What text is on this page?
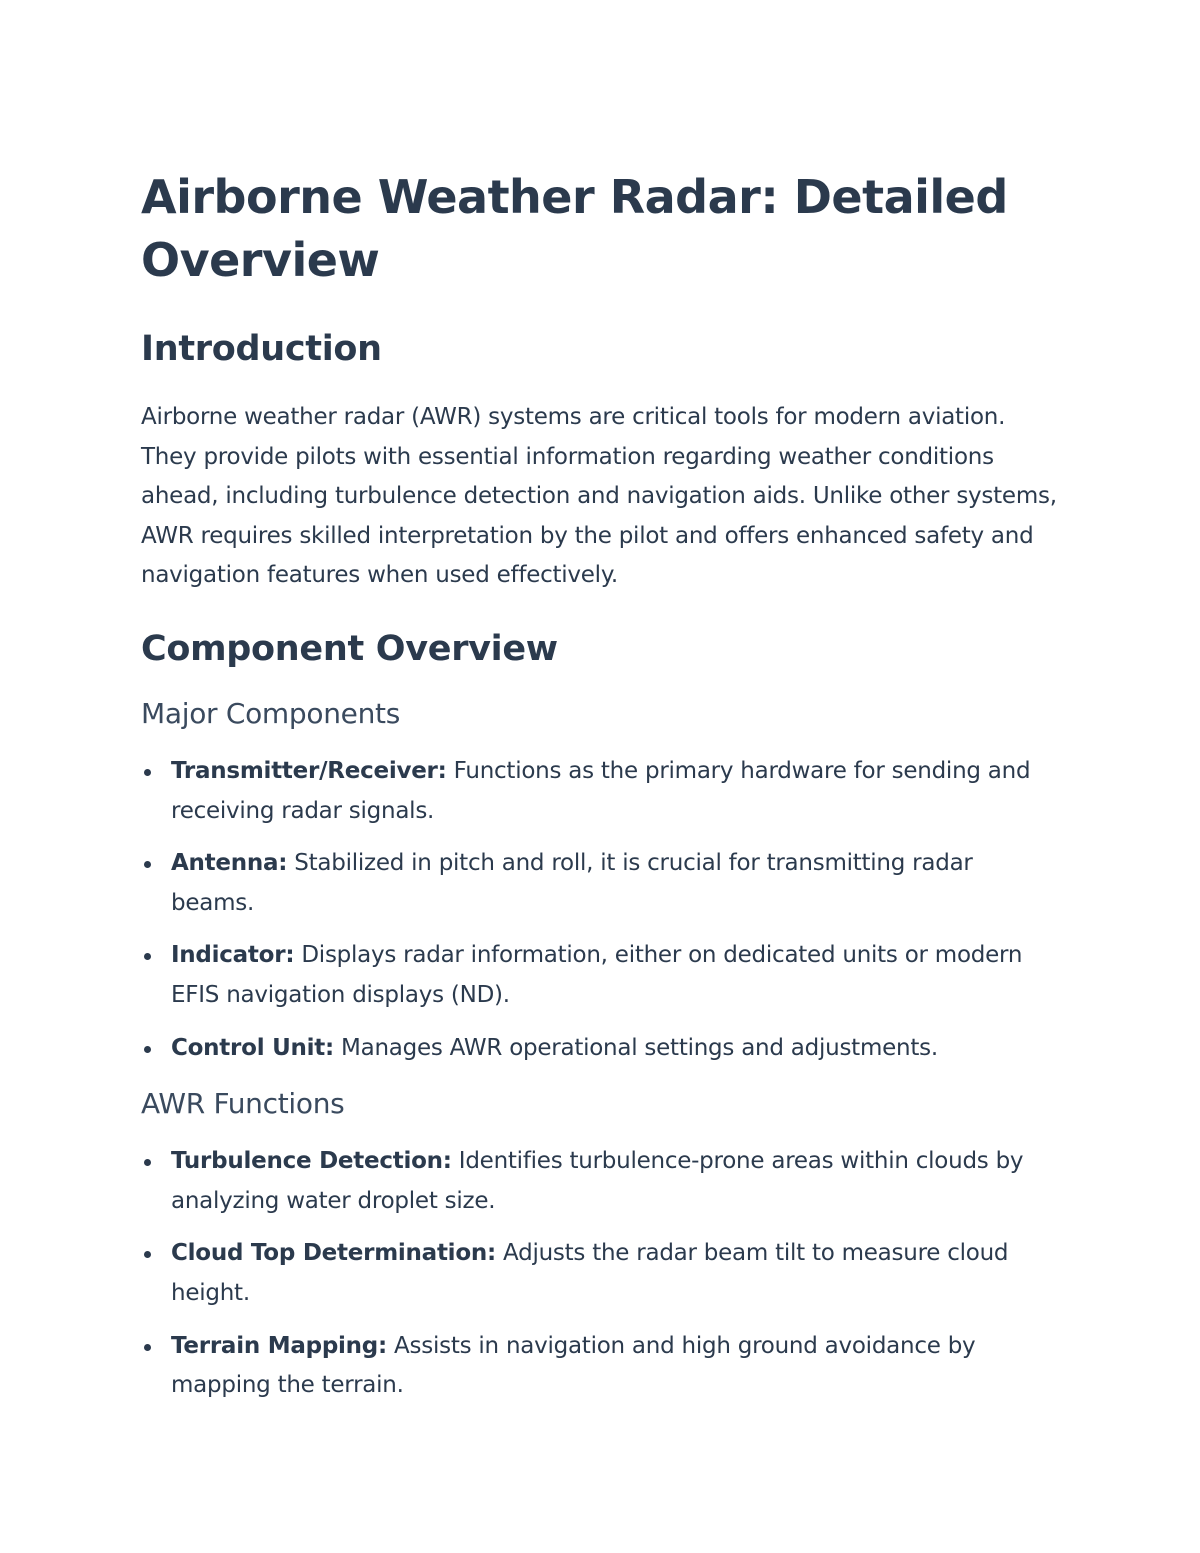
Airborne Weather Radar: Detailed Overview
Introduction

Airborne weather radar (AWR) systems are critical tools for modern aviation. They provide pilots with essential information regarding weather conditions ahead, including turbulence detection and navigation aids. Unlike other systems, AWR requires skilled interpretation by the pilot and offers enhanced safety and navigation features when used effectively.

Component Overview
Major Components
Transmitter/Receiver: Functions as the primary hardware for sending and receiving radar signals.
Antenna: Stabilized in pitch and roll, it is crucial for transmitting radar beams.
Indicator: Displays radar information, either on dedicated units or modern EFIS navigation displays (ND).
Control Unit: Manages AWR operational settings and adjustments.
AWR Functions
Turbulence Detection: Identifies turbulence-prone areas within clouds by analyzing water droplet size.
Cloud Top Determination: Adjusts the radar beam tilt to measure cloud height.
Terrain Mapping: Assists in navigation and high ground avoidance by mapping the terrain.
